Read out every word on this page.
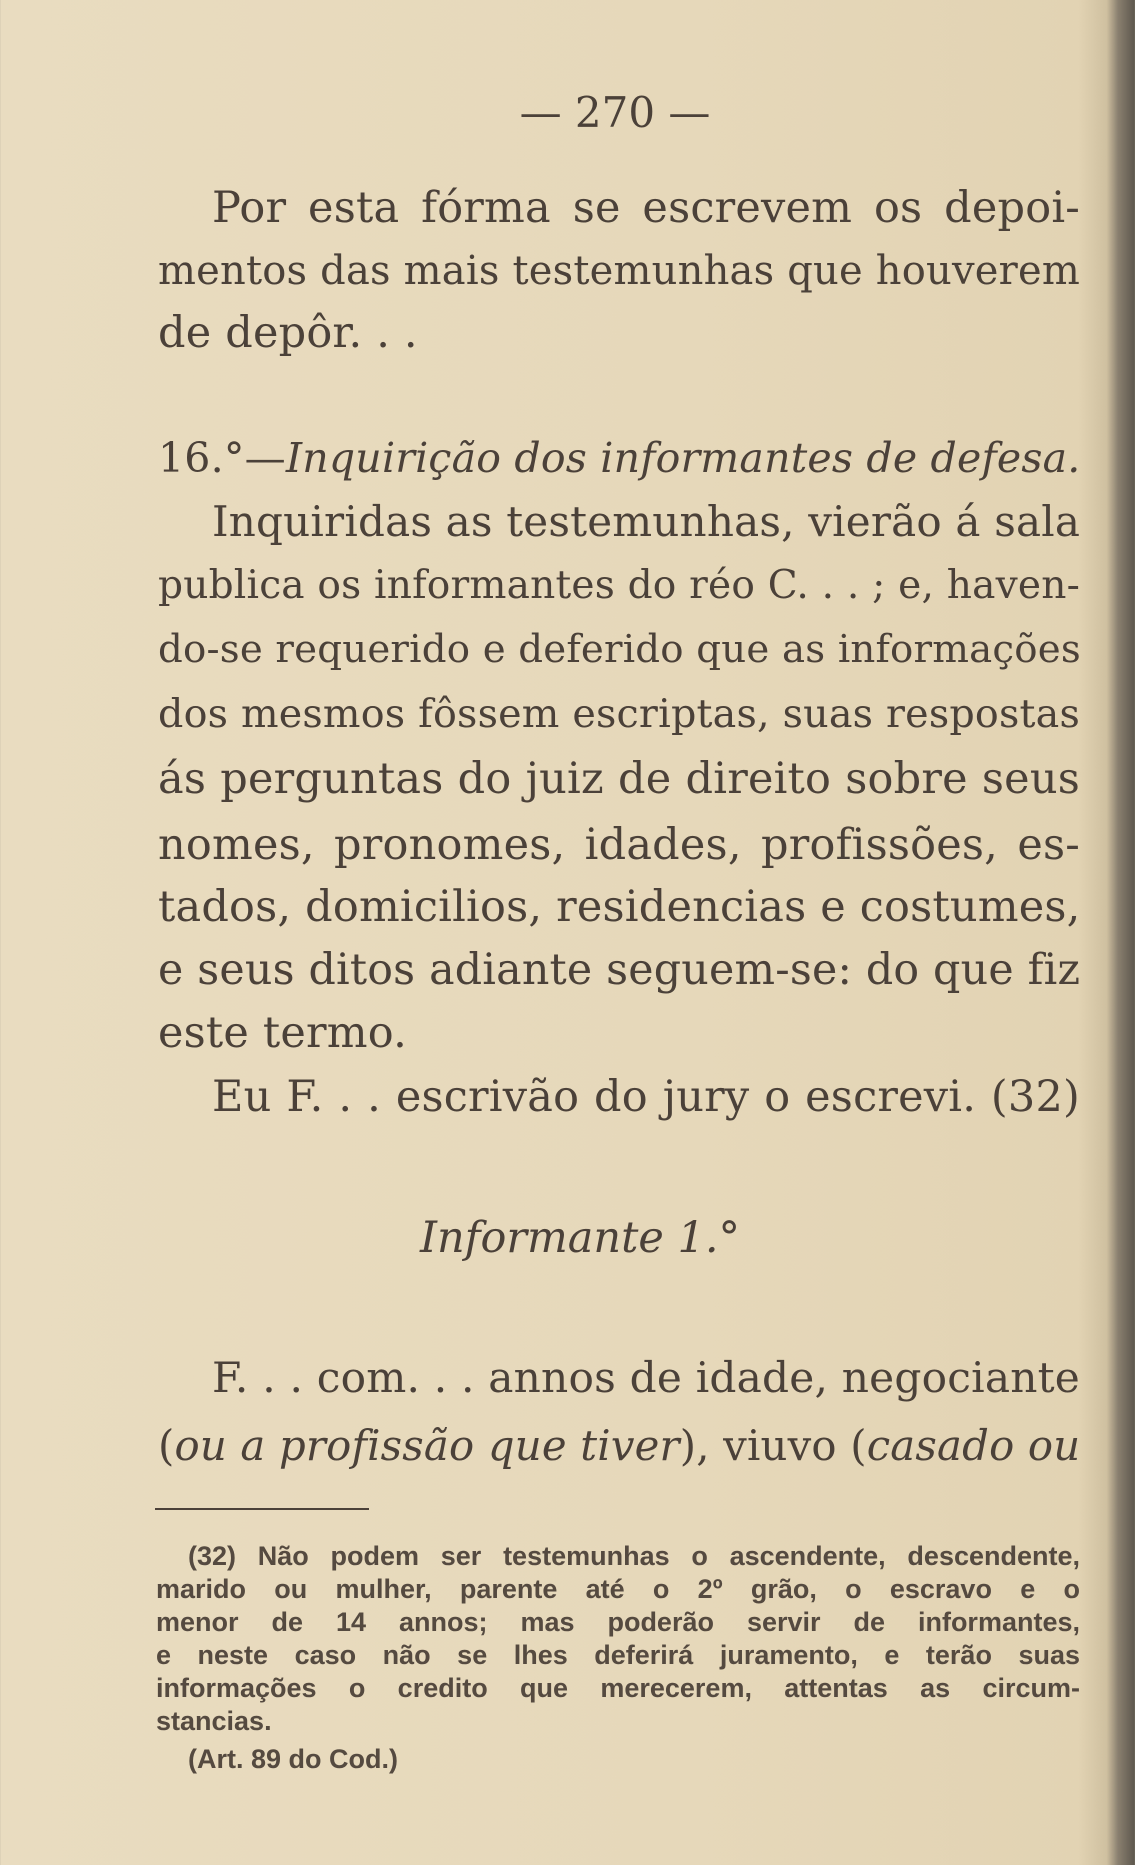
— 270 —
Por esta fórma se escrevem os depoi-
mentos das mais testemunhas que houverem
de depôr. . .
16.°—Inquirição dos informantes de defesa.
Inquiridas as testemunhas, vierão á sala
publica os informantes do réo C. . . ; e, haven-
do-se requerido e deferido que as informações
dos mesmos fôssem escriptas, suas respostas
ás perguntas do juiz de direito sobre seus
nomes, pronomes, idades, profissões, es-
tados, domicilios, residencias e costumes,
e seus ditos adiante seguem-se: do que fiz
este termo.
Eu F. . . escrivão do jury o escrevi. (32)
Informante 1.°
F. . . com. . . annos de idade, negociante
(ou a profissão que tiver), viuvo (casado ou
(32) Não podem ser testemunhas o ascendente, descendente,
marido ou mulher, parente até o 2º grão, o escravo e o
menor de 14 annos; mas poderão servir de informantes,
e neste caso não se lhes deferirá juramento, e terão suas
informações o credito que merecerem, attentas as circum-
stancias.
(Art. 89 do Cod.)
